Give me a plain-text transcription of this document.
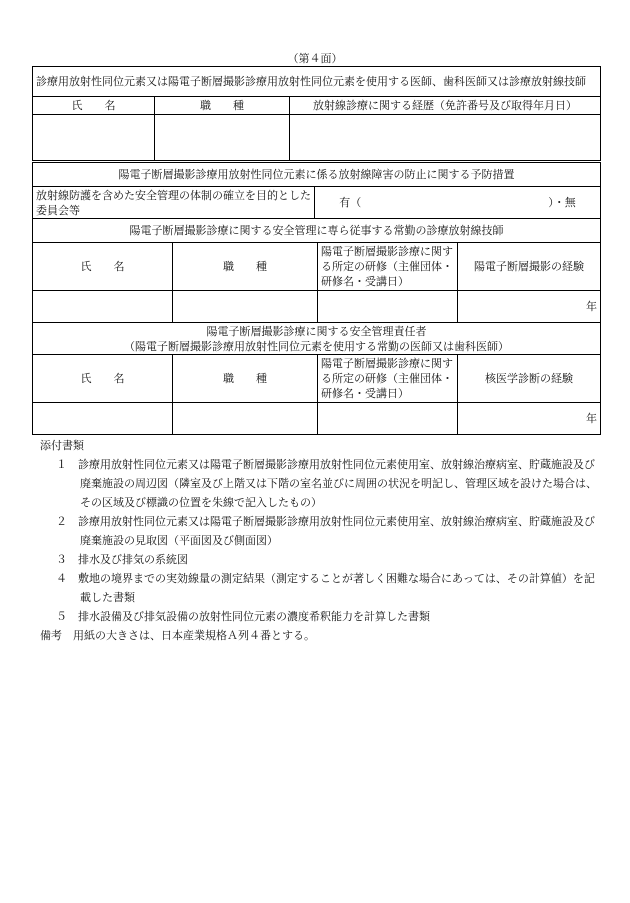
（第４面）
診療用放射性同位元素又は陽電子断層撮影診療用放射性同位元素を使用する医師、歯科医師又は診療放射線技師		
氏　　名	職　　種	放射線診療に関する経歴（免許番号及び取得年月日）

陽電子断層撮影診療用放射性同位元素に係る放射線障害の防止に関する予防措置
放射線防護を含めた安全管理の体制の確立を目的とした委員会等	有（　　　　　　　　　　　　　　　　　）・無
陽電子断層撮影診療に関する安全管理に専ら従事する常勤の診療放射線技師			
氏　　名	職　　種	陽電子断層撮影診療に関する所定の研修（主催団体・研修名・受講日）	陽電子断層撮影の経験
			年
陽電子断層撮影診療に関する安全管理責任者
（陽電子断層撮影診療用放射性同位元素を使用する常勤の医師又は歯科医師）			

氏　　名	職　　種	陽電子断層撮影診療に関する所定の研修（主催団体・研修名・受講日）	核医学診断の経験
			年
添付書類
１　診療用放射性同位元素又は陽電子断層撮影診療用放射性同位元素使用室、放射線治療病室、貯蔵施設及び廃棄施設の周辺図（隣室及び上階又は下階の室名並びに周囲の状況を明記し、管理区域を設けた場合は、その区域及び標識の位置を朱線で記入したもの）
２　診療用放射性同位元素又は陽電子断層撮影診療用放射性同位元素使用室、放射線治療病室、貯蔵施設及び廃棄施設の見取図（平面図及び側面図）
３　排水及び排気の系統図
４　敷地の境界までの実効線量の測定結果（測定することが著しく困難な場合にあっては、その計算値）を記載した書類
５　排水設備及び排気設備の放射性同位元素の濃度希釈能力を計算した書類
備考　用紙の大きさは、日本産業規格Ａ列４番とする。
